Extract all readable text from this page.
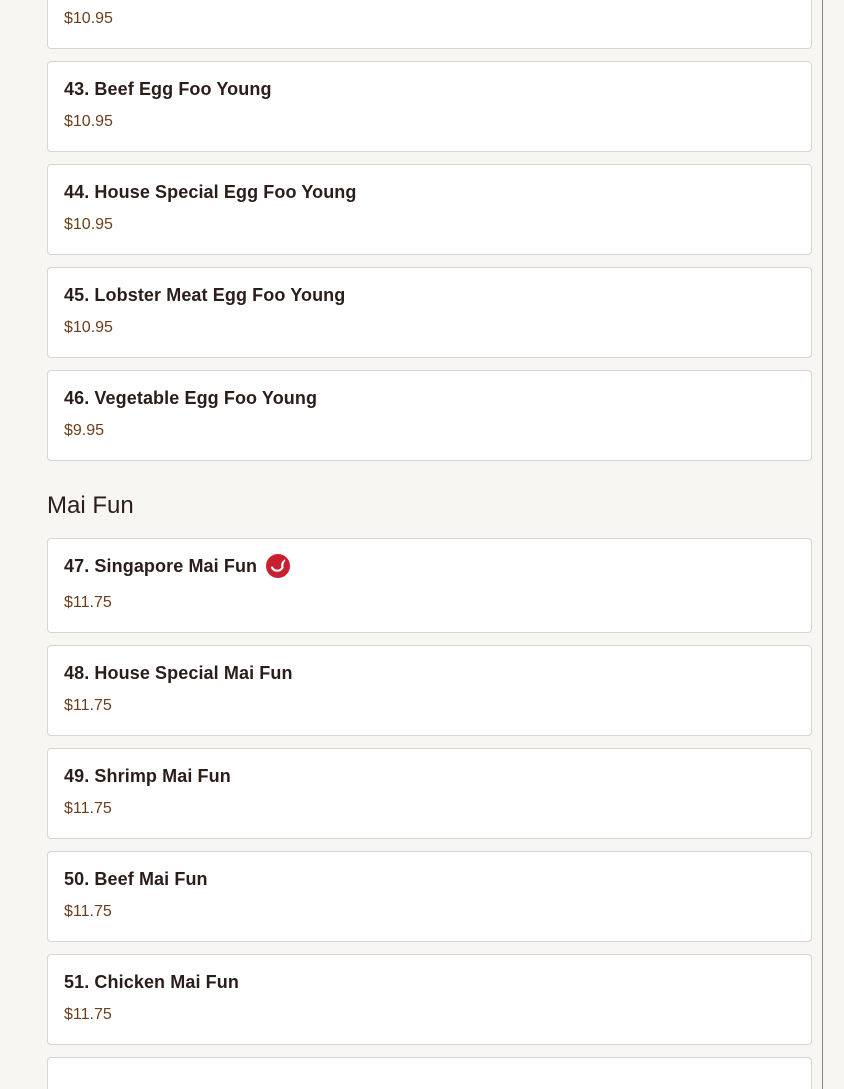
$10.95
43. Beef Egg Foo Young
$10.95
44. House Special Egg Foo Young
$10.95
45. Lobster Meat Egg Foo Young
$10.95
46. Vegetable Egg Foo Young
$9.95
Mai Fun
47. Singapore Mai Fun
$11.75
48. House Special Mai Fun
$11.75
49. Shrimp Mai Fun
$11.75
50. Beef Mai Fun
$11.75
51. Chicken Mai Fun
$11.75
